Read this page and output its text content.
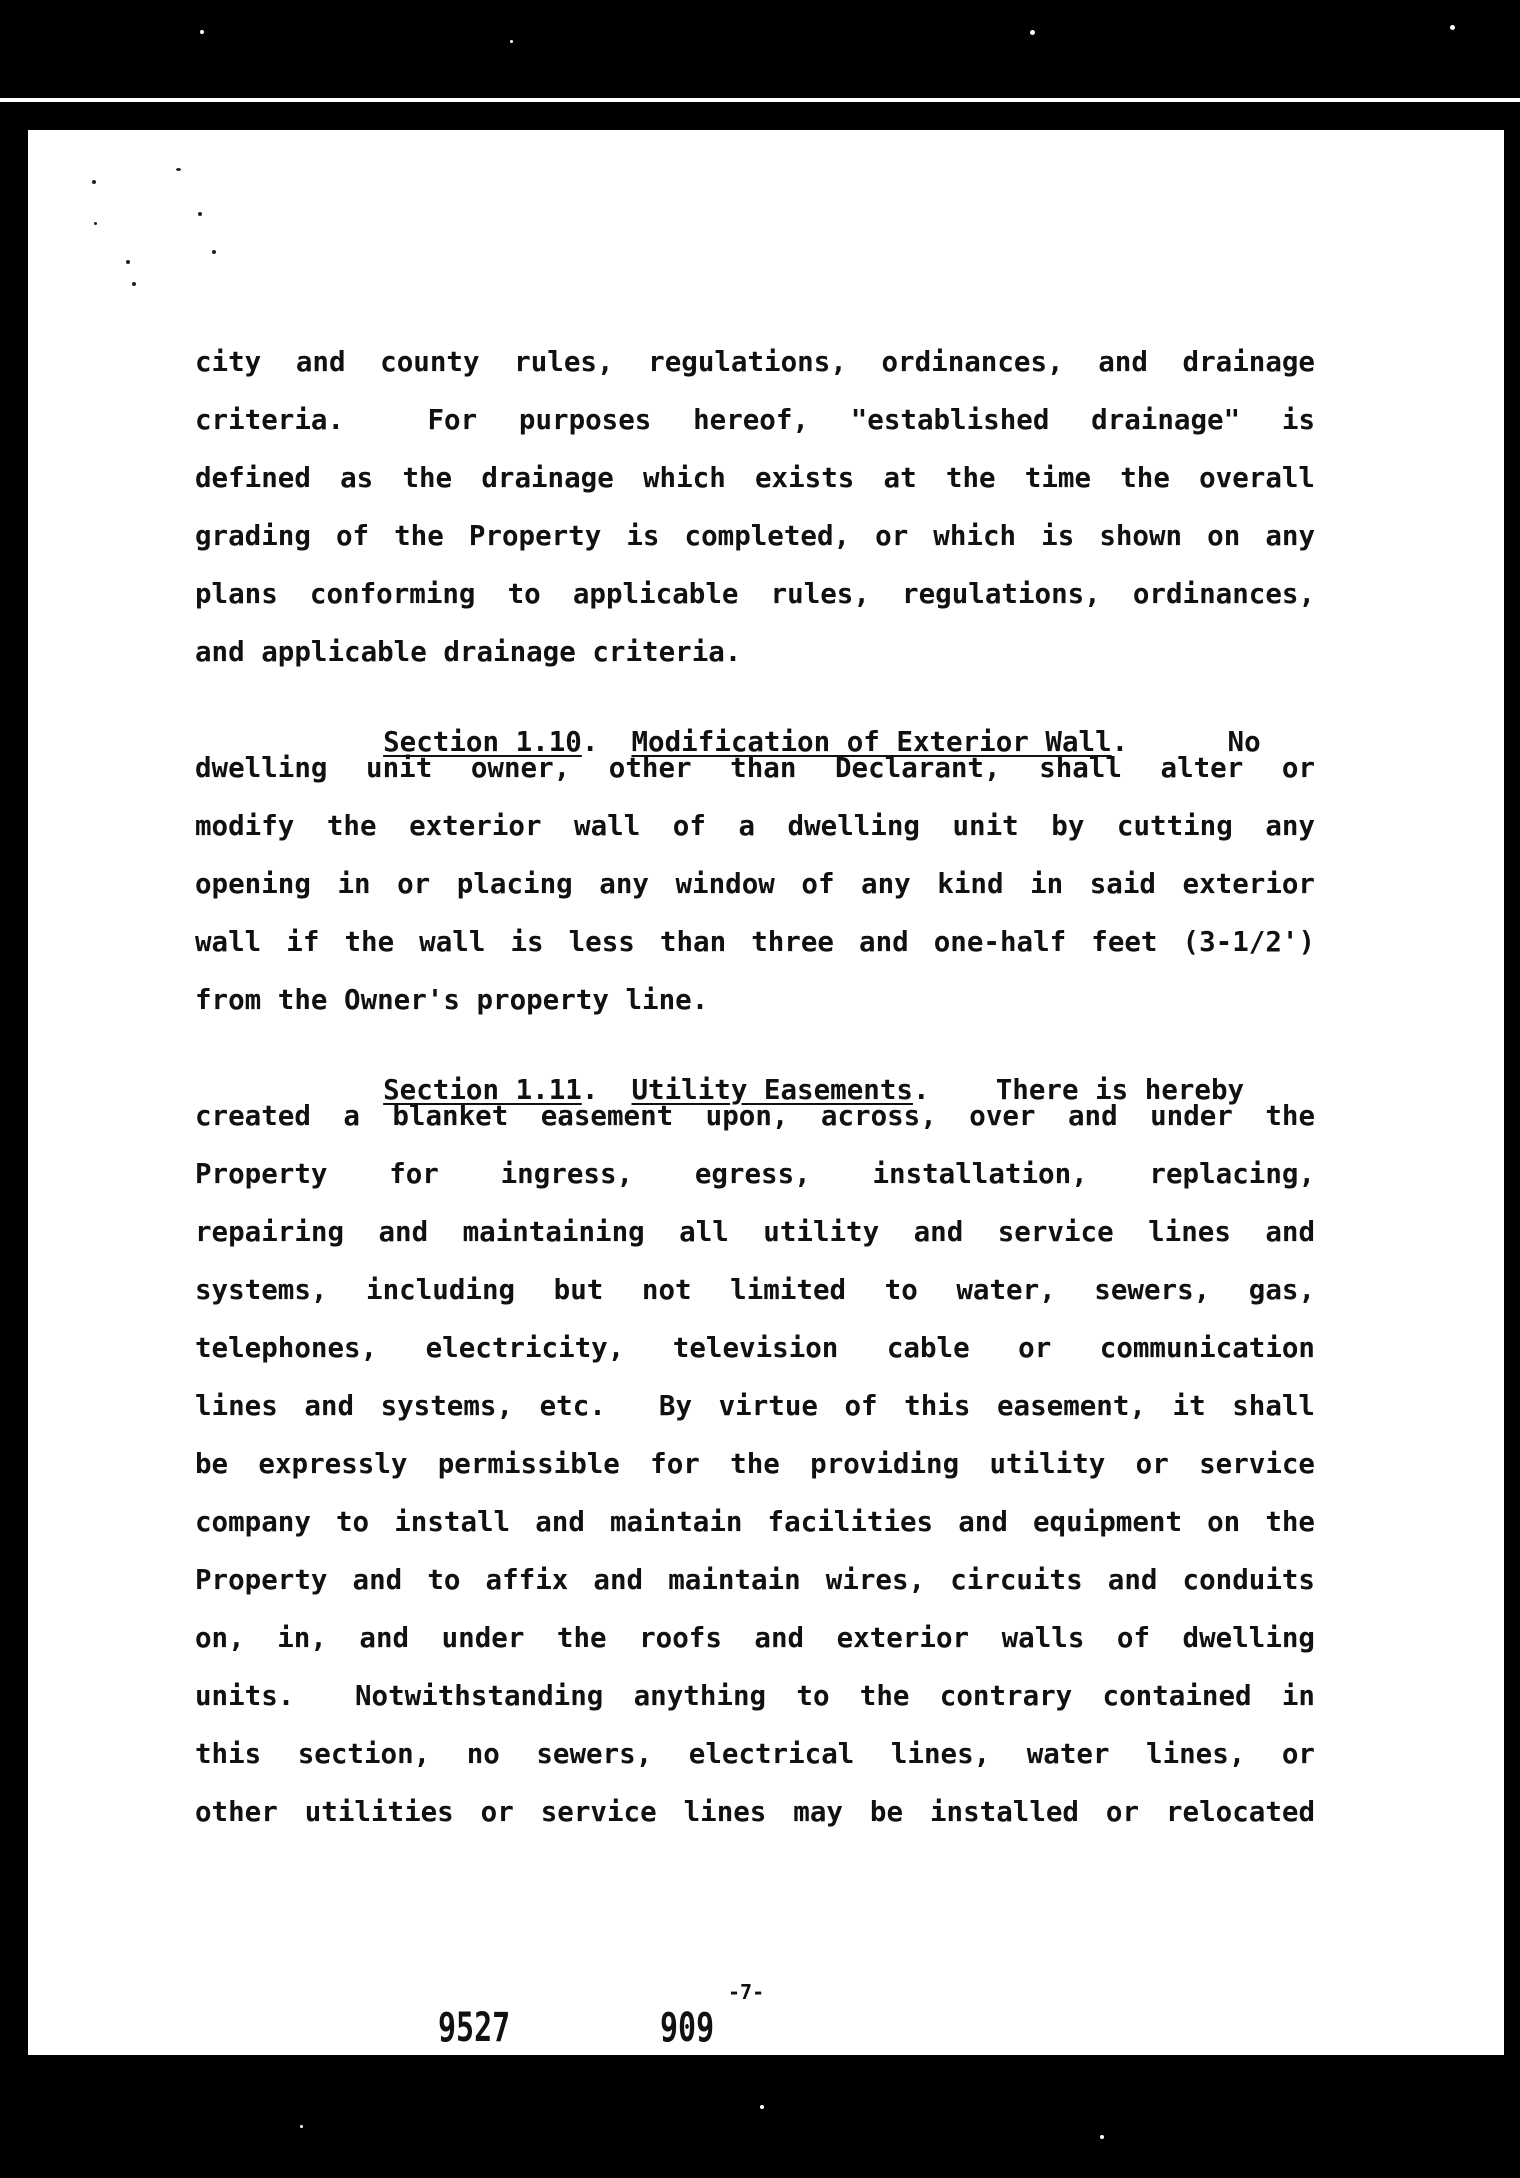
city and county rules, regulations, ordinances, and drainage
criteria.  For purposes hereof, "established drainage" is
defined as the drainage which exists at the time the overall
grading of the Property is completed, or which is shown on any
plans conforming to applicable rules, regulations, ordinances,
and applicable drainage criteria.

Section 1.10.  Modification of Exterior Wall.      No

dwelling unit owner, other than Declarant, shall alter or
modify the exterior wall of a dwelling unit by cutting any
opening in or placing any window of any kind in said exterior
wall if the wall is less than three and one-half feet (3-1/2')
from the Owner's property line.

Section 1.11.  Utility Easements.    There is hereby

created a blanket easement upon, across, over and under the
Property for ingress, egress, installation, replacing,
repairing and maintaining all utility and service lines and
systems, including but not limited to water, sewers, gas,
telephones, electricity, television cable or communication
lines and systems, etc.  By virtue of this easement, it shall
be expressly permissible for the providing utility or service
company to install and maintain facilities and equipment on the
Property and to affix and maintain wires, circuits and conduits
on, in, and under the roofs and exterior walls of dwelling
units.  Notwithstanding anything to the contrary contained in
this section, no sewers, electrical lines, water lines, or
other utilities or service lines may be installed or relocated
-7-
9527	909
